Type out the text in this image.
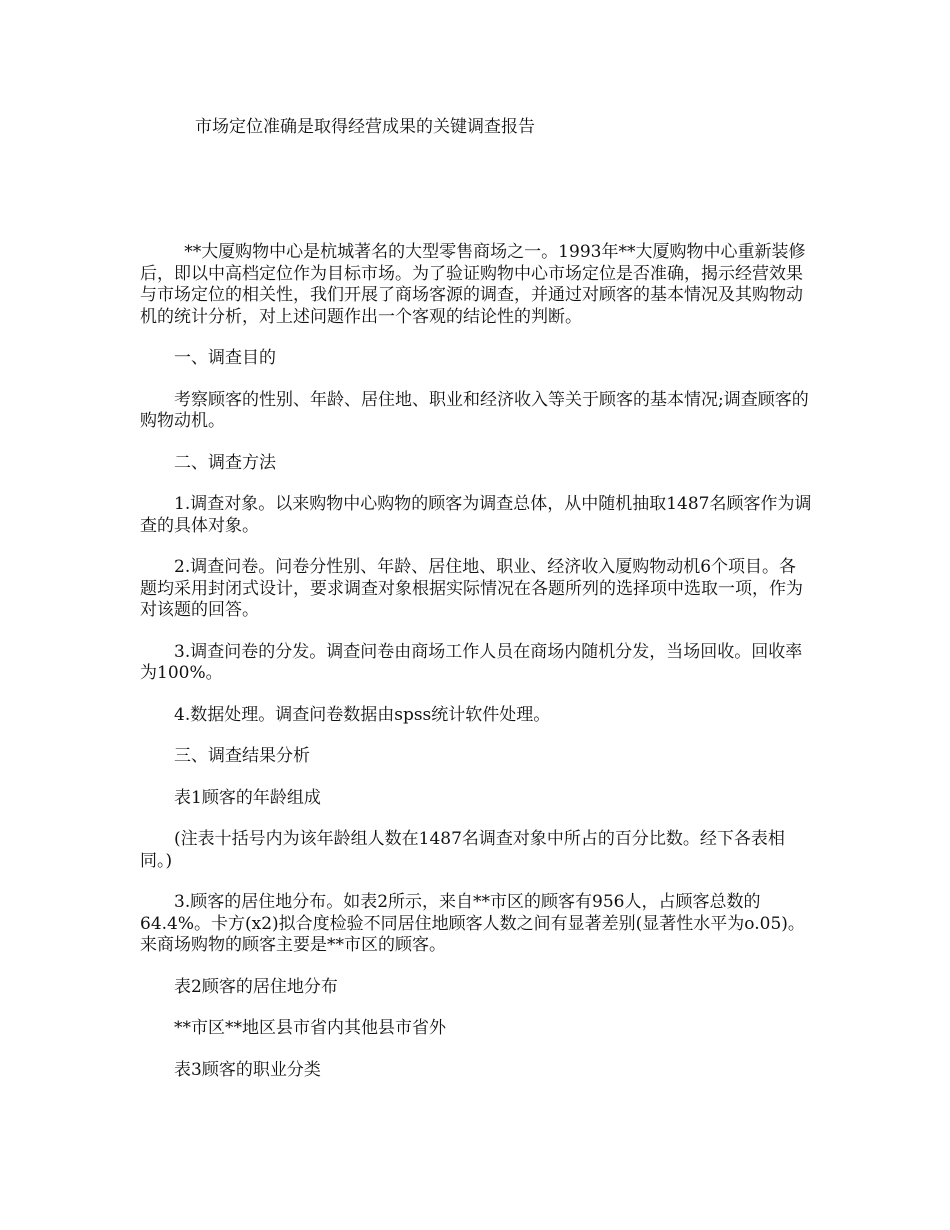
市场定位准确是取得经营成果的关键调查报告

**大厦购物中心是杭城著名的大型零售商场之一。1993年**大厦购物中心重新装修后，即以中高档定位作为目标市场。为了验证购物中心市场定位是否准确，揭示经营效果与市场定位的相关性，我们开展了商场客源的调查，并通过对顾客的基本情况及其购物动机的统计分析，对上述问题作出一个客观的结论性的判断。

一、调查目的

考察顾客的性别、年龄、居住地、职业和经济收入等关于顾客的基本情况;调查顾客的购物动机。

二、调查方法

1.调查对象。以来购物中心购物的顾客为调查总体，从中随机抽取1487名顾客作为调查的具体对象。

2.调查问卷。问卷分性别、年龄、居住地、职业、经济收入厦购物动机6个项目。各题均采用封闭式设计，要求调查对象根据实际情况在各题所列的选择项中选取一项，作为对该题的回答。

3.调查问卷的分发。调查问卷由商场工作人员在商场内随机分发，当场回收。回收率为100%。

4.数据处理。调查问卷数据由spss统计软件处理。

三、调查结果分析

表1顾客的年龄组成

(注表十括号内为该年龄组人数在1487名调查对象中所占的百分比数。经下各表相同。)

3.顾客的居住地分布。如表2所示，来自**市区的顾客有956人，占顾客总数的64.4%。卡方(x2)拟合度检验不同居住地顾客人数之间有显著差别(显著性水平为o.05)。来商场购物的顾客主要是**市区的顾客。

表2顾客的居住地分布

**市区**地区县市省内其他县市省外

表3顾客的职业分类
